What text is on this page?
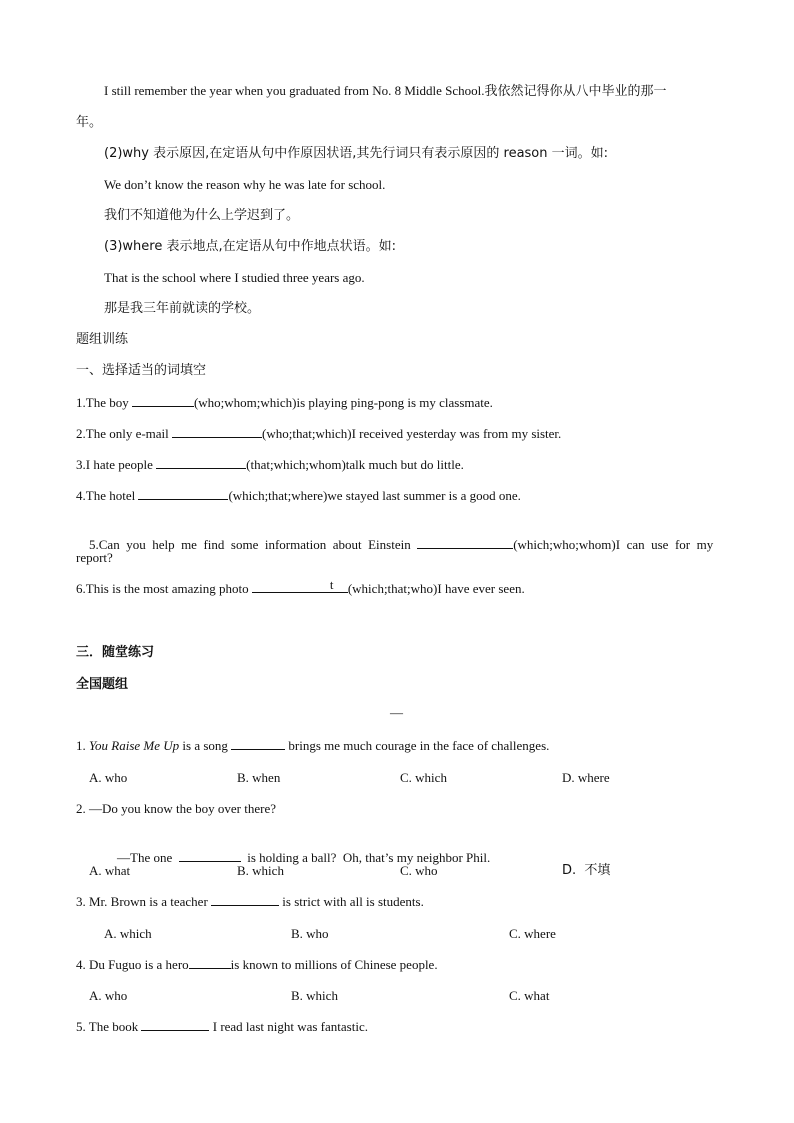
I still remember the year when you graduated from No. 8 Middle School.我依然记得你从八中毕业的那一
年。
(2)why 表示原因,在定语从句中作原因状语,其先行词只有表示原因的 reason 一词。如:
We don’t know the reason why he was late for school.
我们不知道他为什么上学迟到了。
(3)where 表示地点,在定语从句中作地点状语。如:
That is the school where I studied three years ago.
那是我三年前就读的学校。
题组训练
一、选择适当的词填空
1.The boy	(who;whom;which)is playing ping-pong is my classmate.
2.The only e-mail	(who;that;which)I received yesterday was from my sister.
3.I hate people	(that;which;whom)talk much but do little.
4.The hotel	(which;that;where)we stayed last summer is a good one.

5.Can  you  help  me  find  some  information  about  Einstein	(which;who;whom)I  can  use  for  my

report?
6.This is the most amazing photo	t (which;that;who)I have ever seen.
三．随堂练习
全国题组
—
1. You Raise Me Up is a song	brings me much courage in the face of challenges.
A. who	B. when	C. which	D. where
2. —Do you know the boy over there?

—The one	is holding a ball?  Oh, that’s my neighbor Phil.

A. what	B. which	C. who	D.  不填
3. Mr. Brown is a teacher	is strict with all is students.
A. which	B. who	C. where
4. Du Fuguo is a hero	is known to millions of Chinese people.
A. who	B. which	C. what
5. The book	I read last night was fantastic.
